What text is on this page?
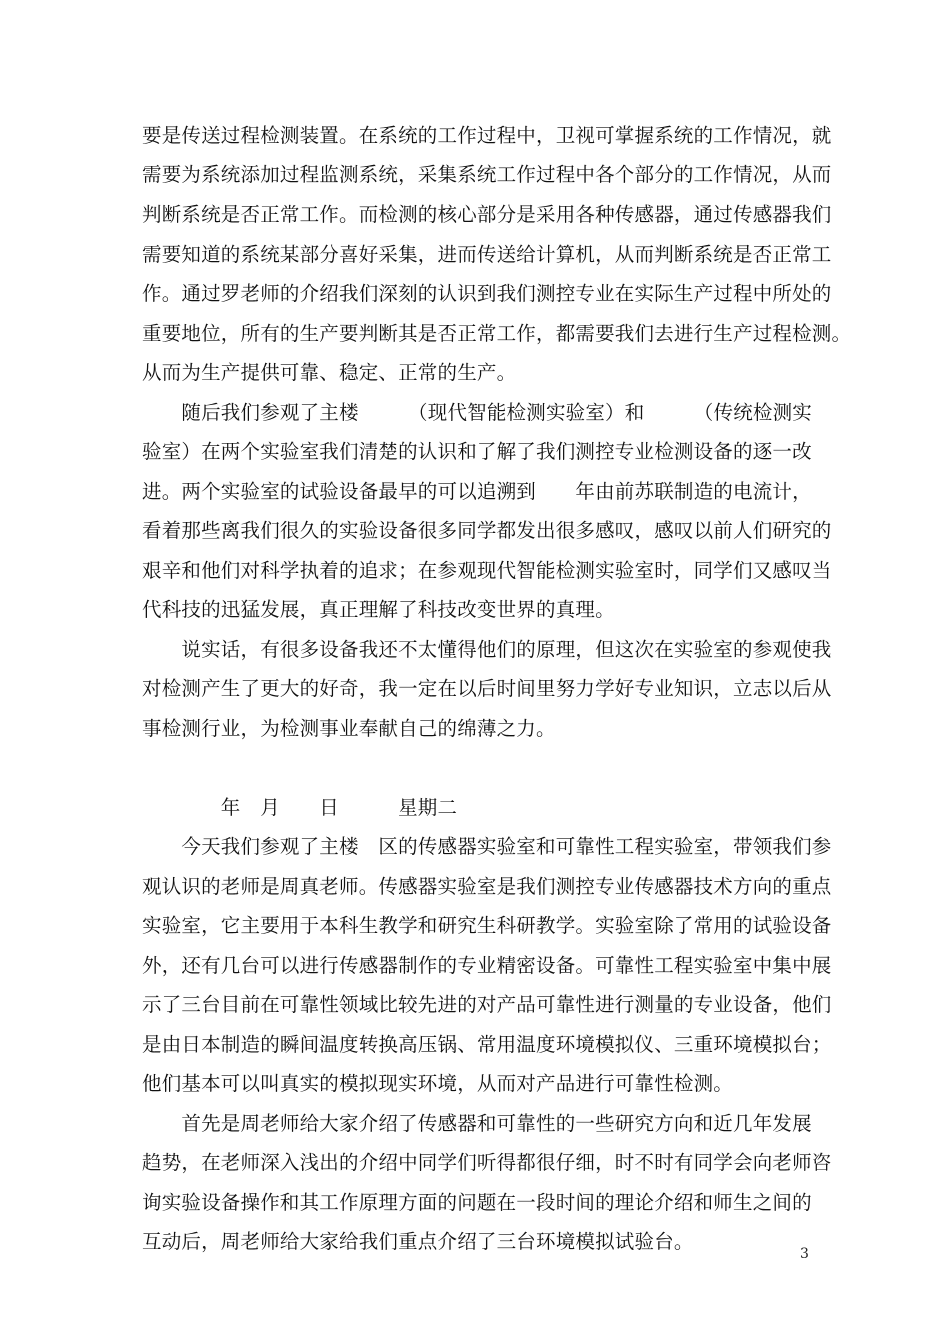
要是传送过程检测装置。在系统的工作过程中，卫视可掌握系统的工作情况，就
需要为系统添加过程监测系统，采集系统工作过程中各个部分的工作情况，从而
判断系统是否正常工作。而检测的核心部分是采用各种传感器，通过传感器我们
需要知道的系统某部分喜好采集，进而传送给计算机，从而判断系统是否正常工
作。通过罗老师的介绍我们深刻的认识到我们测控专业在实际生产过程中所处的
重要地位，所有的生产要判断其是否正常工作，都需要我们去进行生产过程检测。
从而为生产提供可靠、稳定、正常的生产。
　　随后我们参观了主楼　　　（现代智能检测实验室）和　　　（传统检测实
验室）在两个实验室我们清楚的认识和了解了我们测控专业检测设备的逐一改
进。两个实验室的试验设备最早的可以追溯到　　年由前苏联制造的电流计，
看着那些离我们很久的实验设备很多同学都发出很多感叹，感叹以前人们研究的
艰辛和他们对科学执着的追求；在参观现代智能检测实验室时，同学们又感叹当
代科技的迅猛发展，真正理解了科技改变世界的真理。
　　说实话，有很多设备我还不太懂得他们的原理，但这次在实验室的参观使我
对检测产生了更大的好奇，我一定在以后时间里努力学好专业知识，立志以后从
事检测行业，为检测事业奉献自己的绵薄之力。
　　　　年　月　　日　　　星期二
　　今天我们参观了主楼　区的传感器实验室和可靠性工程实验室，带领我们参
观认识的老师是周真老师。传感器实验室是我们测控专业传感器技术方向的重点
实验室，它主要用于本科生教学和研究生科研教学。实验室除了常用的试验设备
外，还有几台可以进行传感器制作的专业精密设备。可靠性工程实验室中集中展
示了三台目前在可靠性领域比较先进的对产品可靠性进行测量的专业设备，他们
是由日本制造的瞬间温度转换高压锅、常用温度环境模拟仪、三重环境模拟台；
他们基本可以叫真实的模拟现实环境，从而对产品进行可靠性检测。
　　首先是周老师给大家介绍了传感器和可靠性的一些研究方向和近几年发展
趋势，在老师深入浅出的介绍中同学们听得都很仔细，时不时有同学会向老师咨
询实验设备操作和其工作原理方面的问题在一段时间的理论介绍和师生之间的
互动后，周老师给大家给我们重点介绍了三台环境模拟试验台。
3
